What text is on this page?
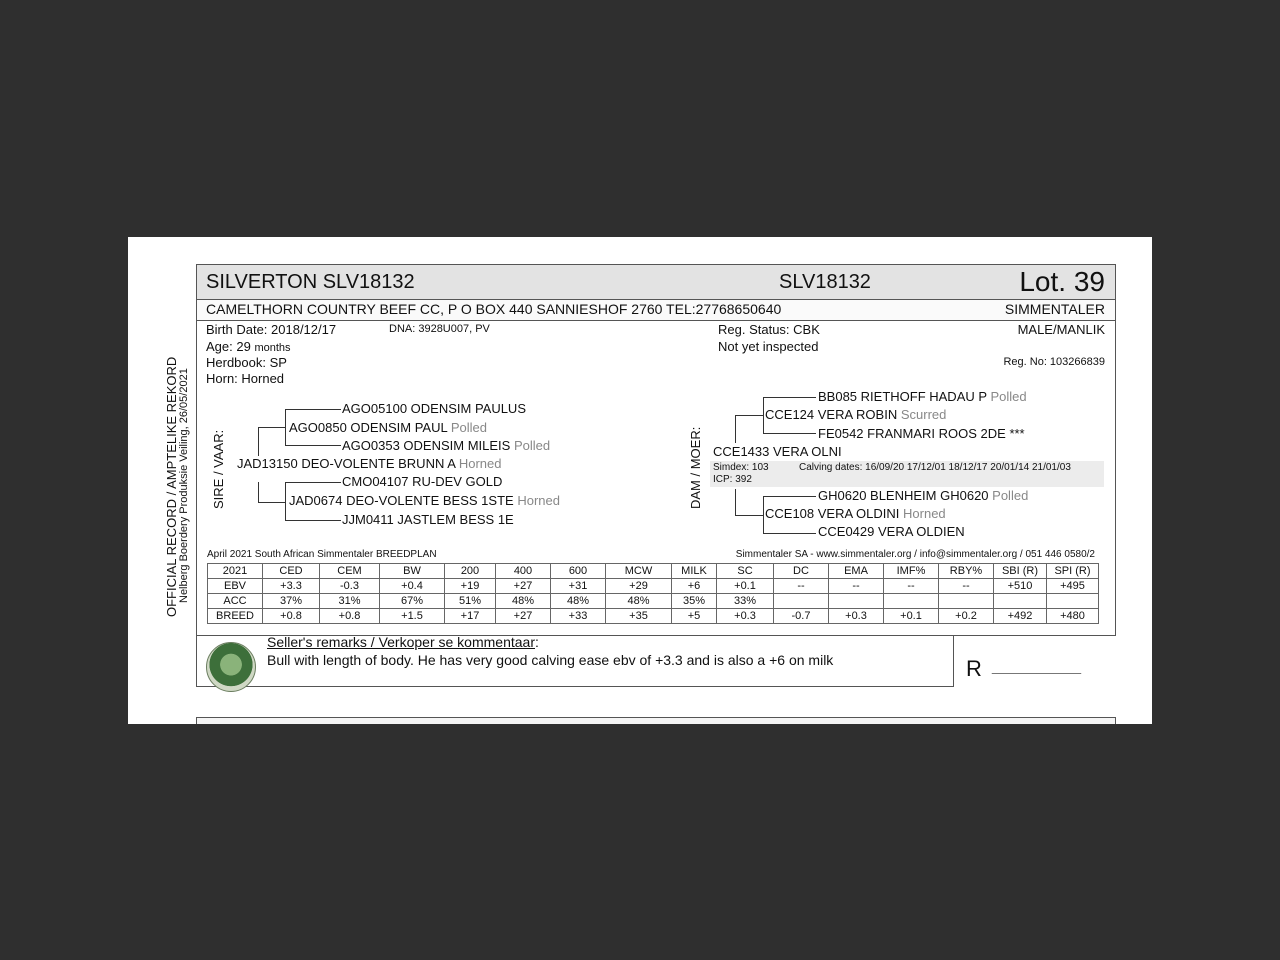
OFFICIAL RECORD / AMPTELIKE REKORD Nelberg Boerdery Produksie Veiling, 26/05/2021
SILVERTON SLV18132	SLV18132	Lot. 39
CAMELTHORN COUNTRY BEEF CC, P O BOX 440 SANNIESHOF 2760 TEL:27768650640	SIMMENTALER
Birth Date: 2018/12/17	DNA: 3928U007, PV
Age: 29 months
Herdbook: SP
Horn: Horned
Reg. Status: CBK
Not yet inspected
MALE/MANLIK
Reg. No: 103266839
SIRE / VAAR:
AGO05100 ODENSIM PAULUS
AGO0850 ODENSIM PAUL Polled
AGO0353 ODENSIM MILEIS Polled
JAD13150 DEO-VOLENTE BRUNN A Horned
CMO04107 RU-DEV GOLD
JAD0674 DEO-VOLENTE BESS 1STE Horned
JJM0411 JASTLEM BESS 1E
DAM / MOER:
BB085 RIETHOFF HADAU P Polled
CCE124 VERA ROBIN Scurred
FE0542 FRANMARI ROOS 2DE ***
CCE1433 VERA OLNI
Simdex: 103	Calving dates: 16/09/20 17/12/01 18/12/17 20/01/14 21/01/03
ICP: 392
GH0620 BLENHEIM GH0620 Polled
CCE108 VERA OLDINI Horned
CCE0429 VERA OLDIEN
April 2021 South African Simmentaler BREEDPLAN	Simmentaler SA - www.simmentaler.org / info@simmentaler.org / 051 446 0580/2
2021	CED	CEM	BW	200	400	600	MCW	MILK	SC	DC	EMA	IMF%	RBY%	SBI (R)	SPI (R)
EBV	+3.3	-0.3	+0.4	+19	+27	+31	+29	+6	+0.1	--	--	--	--	+510	+495
ACC	37%	31%	67%	51%	48%	48%	48%	35%	33%						
BREED	+0.8	+0.8	+1.5	+17	+27	+33	+35	+5	+0.3	-0.7	+0.3	+0.1	+0.2	+492	+480
Seller's remarks / Verkoper se kommentaar:
Bull with length of body. He has very good calving ease ebv of +3.3 and is also a +6 on milk	R __________
